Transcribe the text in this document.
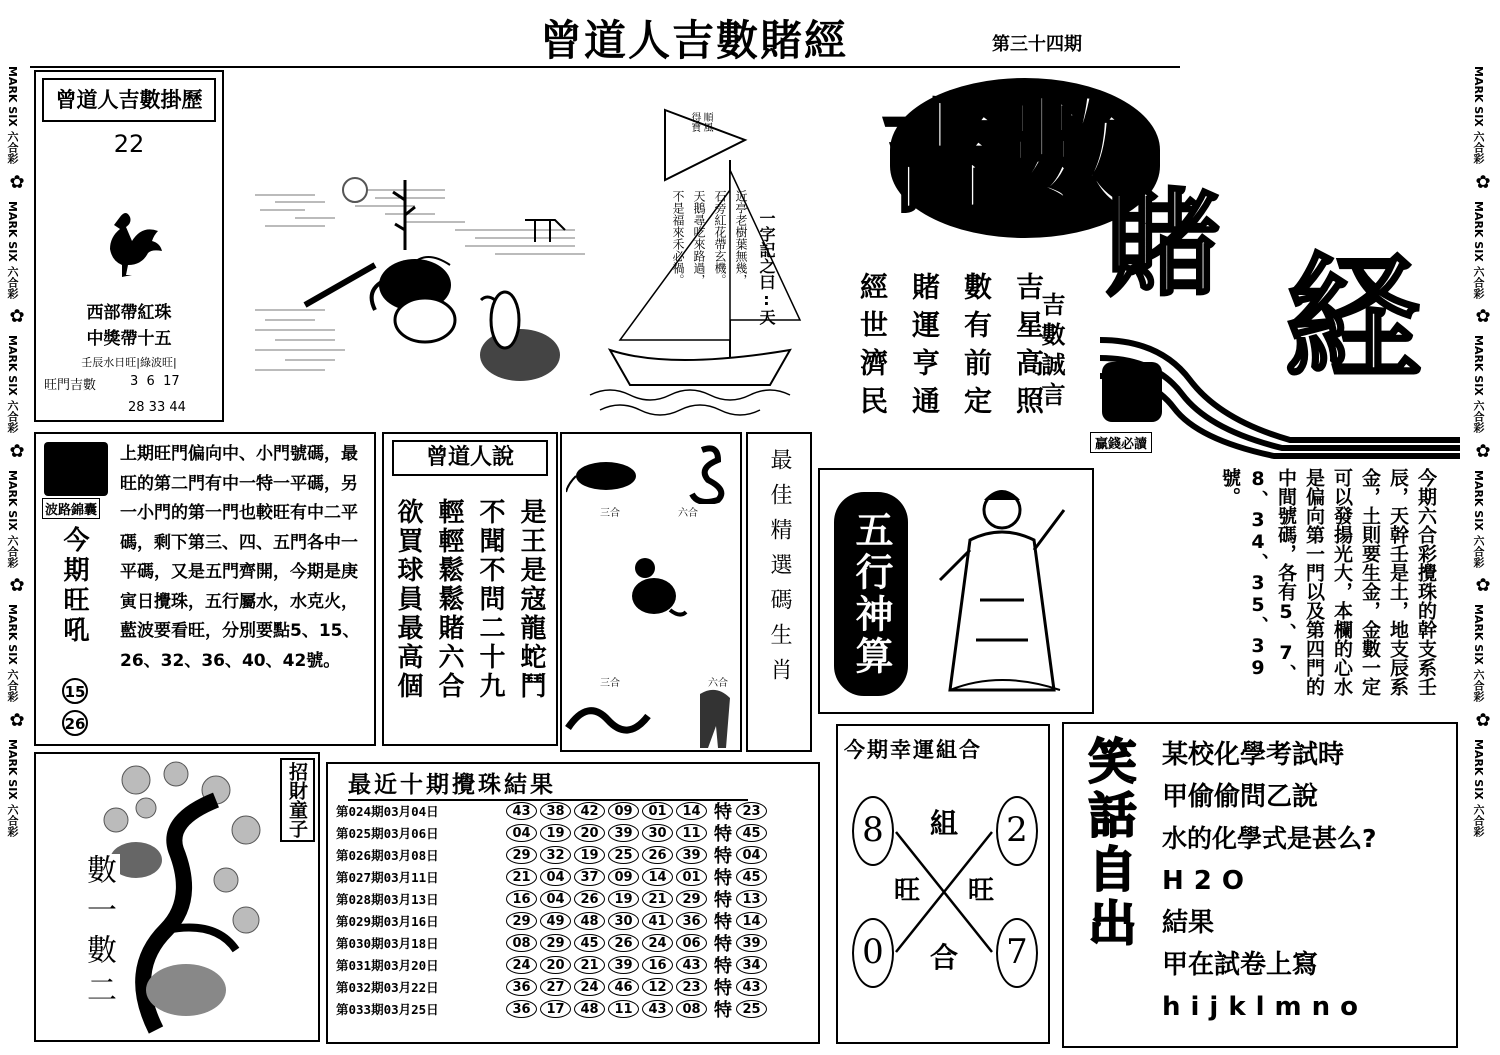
MARK SIX 六合彩
✿
MARK SIX 六合彩
✿
MARK SIX 六合彩
✿
MARK SIX 六合彩
✿
MARK SIX 六合彩
✿
MARK SIX 六合彩
MARK SIX 六合彩
✿
MARK SIX 六合彩
✿
MARK SIX 六合彩
✿
MARK SIX 六合彩
✿
MARK SIX 六合彩
✿
MARK SIX 六合彩
曾道人吉數賭經	第三十四期
曾道人吉數掛歷
22
西部帶紅珠
中獎帶十五
壬辰水日旺|綠波旺|
旺門吉數	3  6  17
28 33 44
順風
得寶
近亭老樹葉無幾，
石旁紅花帶玄機。
天鵝尋吃來路過，
不是福來禾必禍。	一字記之曰:天
吉 數
賭 経
贏錢必讀
吉星高照
數有前定
賭運亨通
經世濟民	吉數誠言
波路錦囊
今期旺吼
15
26
上期旺門偏向中、小門號碼，最旺的第二門有中一特一平碼，另一小門的第一門也較旺有中二平碼，剩下第三、四、五門各中一平碼，又是五門齊開，今期是庚寅日攪珠，五行屬水，水克火，藍波要看旺，分別要點5、15、26、32、36、40、42號。
曾道人說
是王是寇龍蛇鬥
不聞不問二十九
輕輕鬆鬆賭六合
欲買球員最高個	三合	六合
三合	六合 最佳精選碼生肖	五行神算	今期六合彩攪珠的幹支系壬辰，天幹壬是土，地支辰系金，土則要生金，金數一定可以發揚光大，本欄的心水是偏向第一門以及第四門的中間號碼，各有5、7、8、34、35、39號。
招財童子
數一
數二
最近十期攪珠結果
第024期03月04日	43	38	42	09	01	14 特 23
第025期03月06日	04	19	20	39	30	11 特 45
第026期03月08日	29	32	19	25	26	39 特 04
第027期03月11日	21	04	37	09	14	01 特 45
第028期03月13日	16	04	26	19	21	29 特 13
第029期03月16日	29	49	48	30	41	36 特 14
第030期03月18日	08	29	45	26	24	06 特 39
第031期03月20日	24	20	21	39	16	43 特 34
第032期03月22日	36	27	24	46	12	23 特 43
第033期03月25日	36	17	48	11	43	08 特 25
今期幸運組合
8	2
0	7
組
旺 旺
合
笑話自出 某校化學考試時
甲偷偷問乙說
水的化學式是甚么?
H2O
結果
甲在試卷上寫
hijklmno
